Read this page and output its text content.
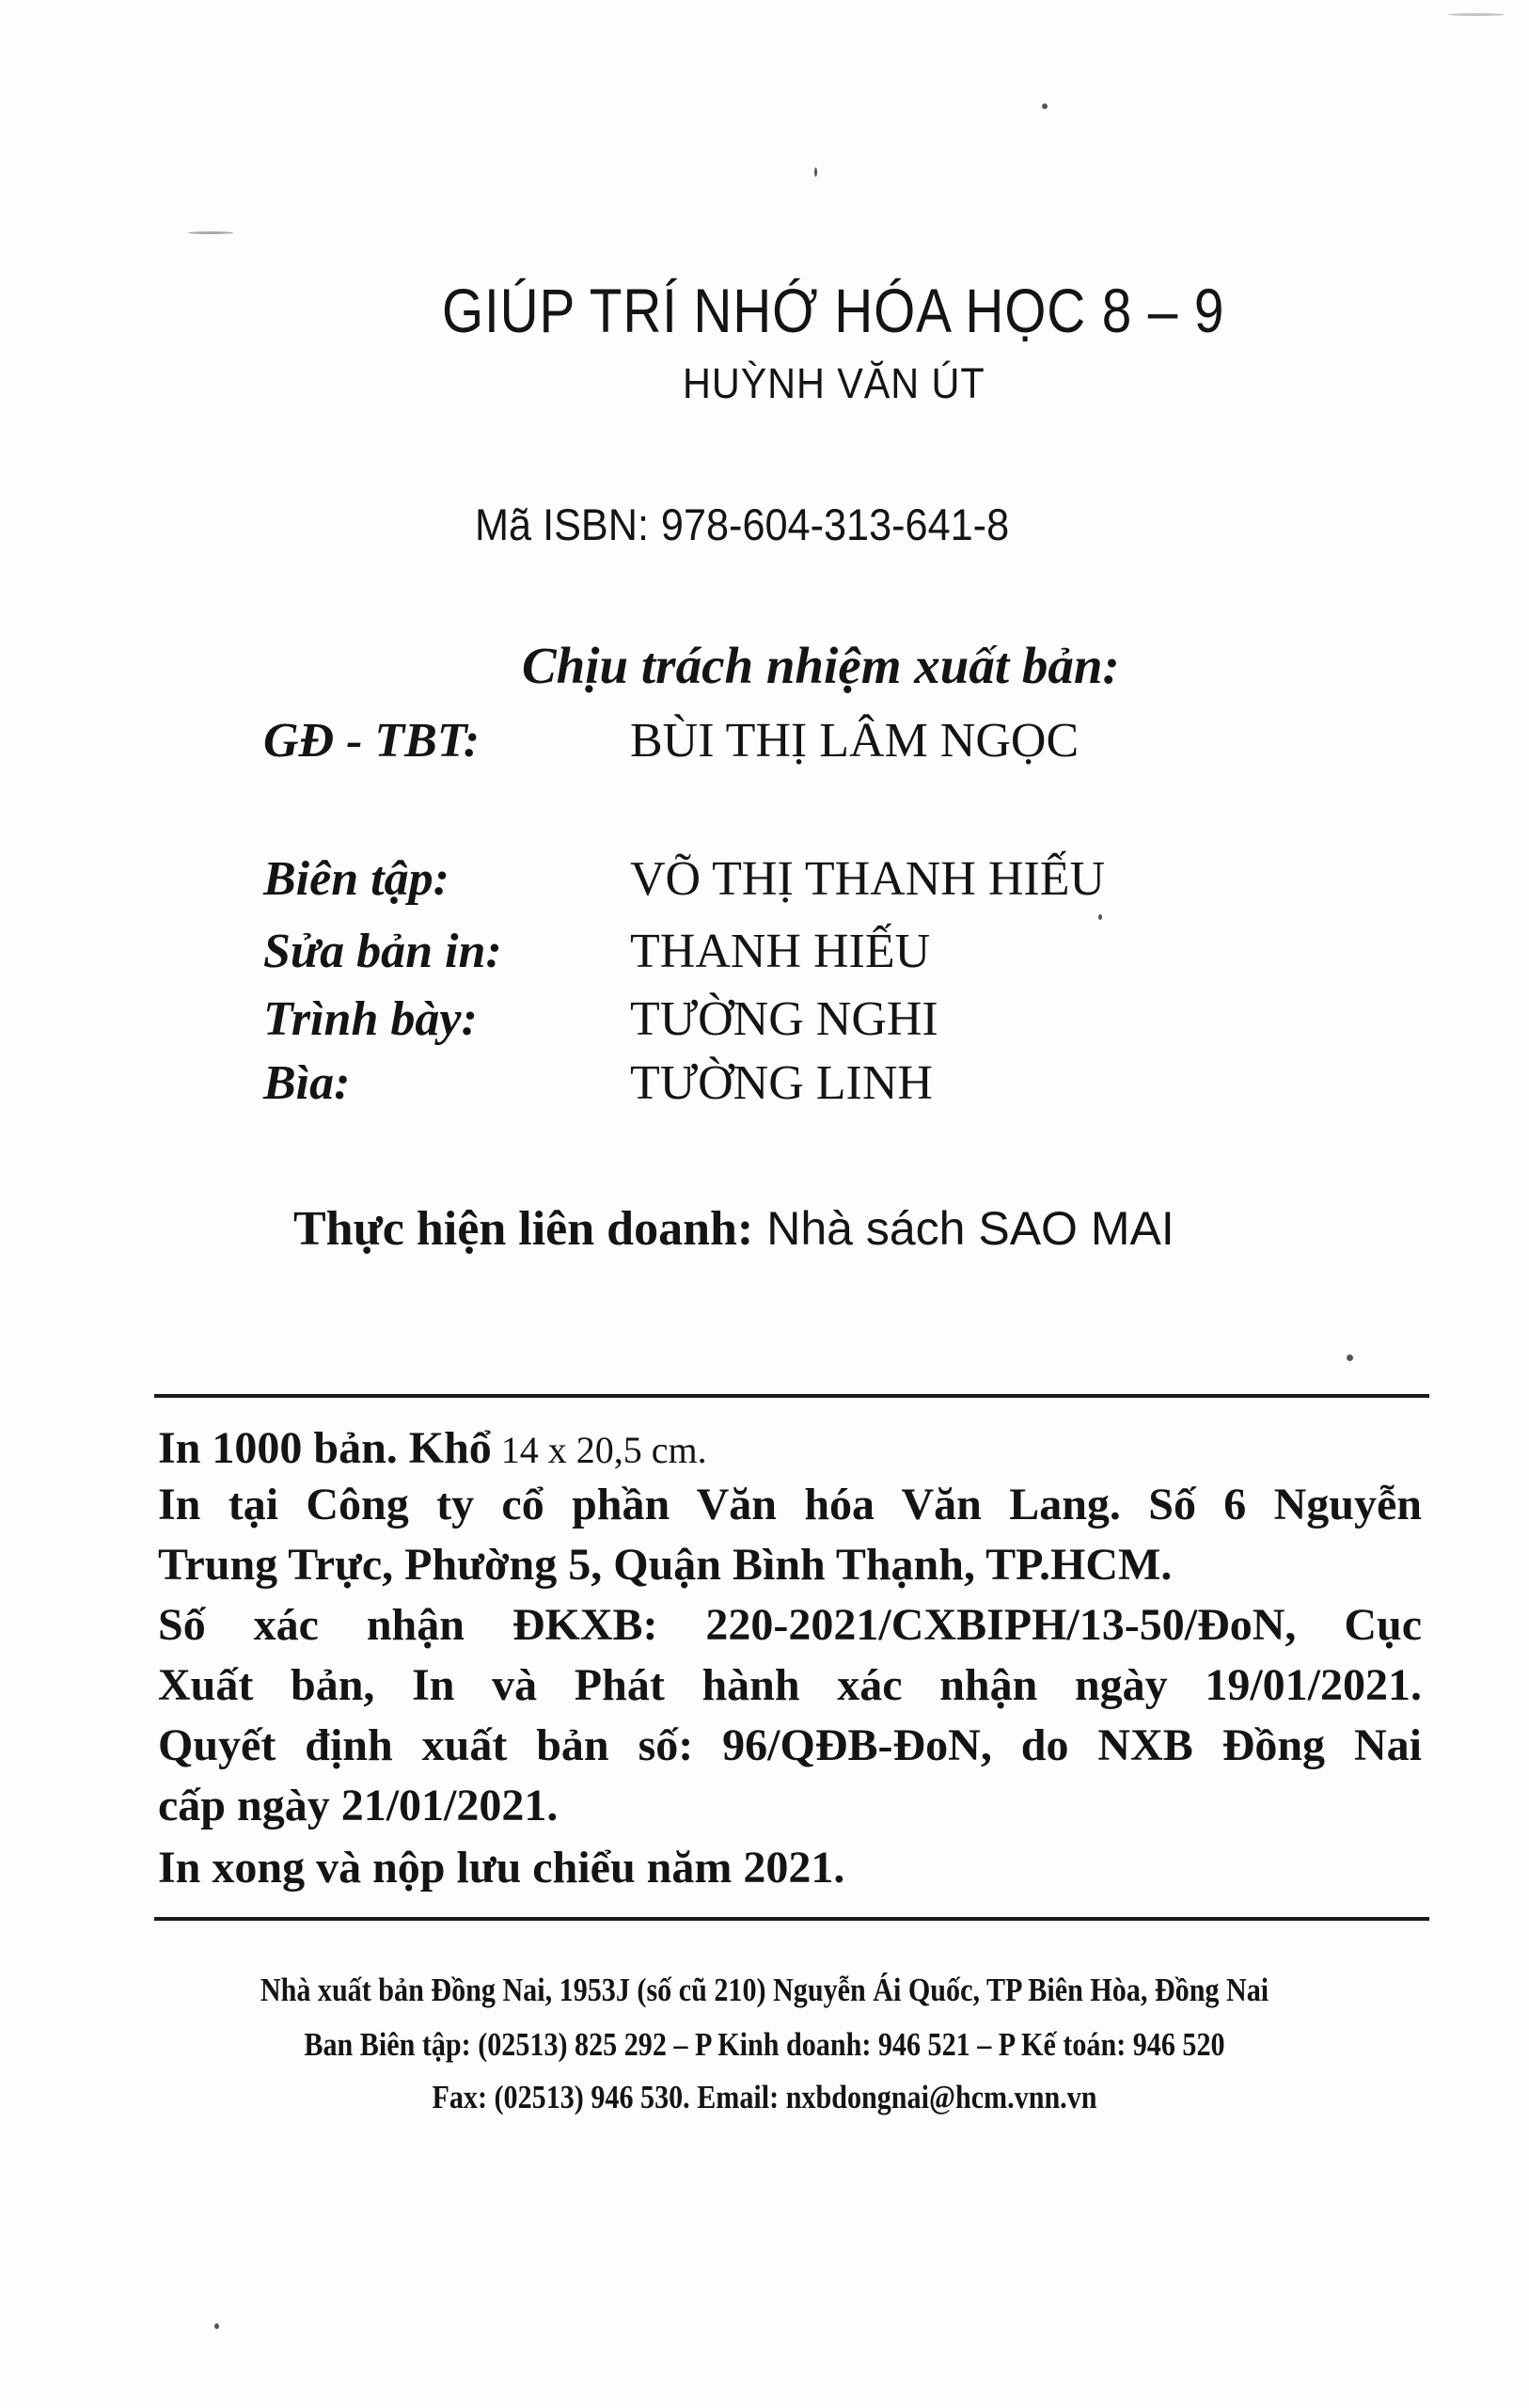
GIÚP TRÍ NHỚ HÓA HỌC 8 – 9
HUỲNH VĂN ÚT
Mã ISBN: 978-604-313-641-8
Chịu trách nhiệm xuất bản:
GĐ - TBT:	BÙI THỊ LÂM NGỌC
Biên tập:	VÕ THỊ THANH HIẾU
Sửa bản in:	THANH HIẾU
Trình bày:	TƯỜNG NGHI
Bìa:	TƯỜNG LINH
Thực hiện liên doanh: Nhà sách SAO MAI
In 1000 bản. Khổ 14 x 20,5 cm.
In tại Công ty cổ phần Văn hóa Văn Lang. Số 6 Nguyễn
Trung Trực, Phường 5, Quận Bình Thạnh, TP.HCM.
Số xác nhận ĐKXB: 220-2021/CXBIPH/13-50/ĐoN, Cục
Xuất bản, In và Phát hành xác nhận ngày 19/01/2021.
Quyết định xuất bản số: 96/QĐB-ĐoN, do NXB Đồng Nai
cấp ngày 21/01/2021.
In xong và nộp lưu chiểu năm 2021.
Nhà xuất bản Đồng Nai, 1953J (số cũ 210) Nguyễn Ái Quốc, TP Biên Hòa, Đồng Nai
Ban Biên tập: (02513) 825 292 – P Kinh doanh: 946 521 – P Kế toán: 946 520
Fax: (02513) 946 530. Email: nxbdongnai@hcm.vnn.vn
